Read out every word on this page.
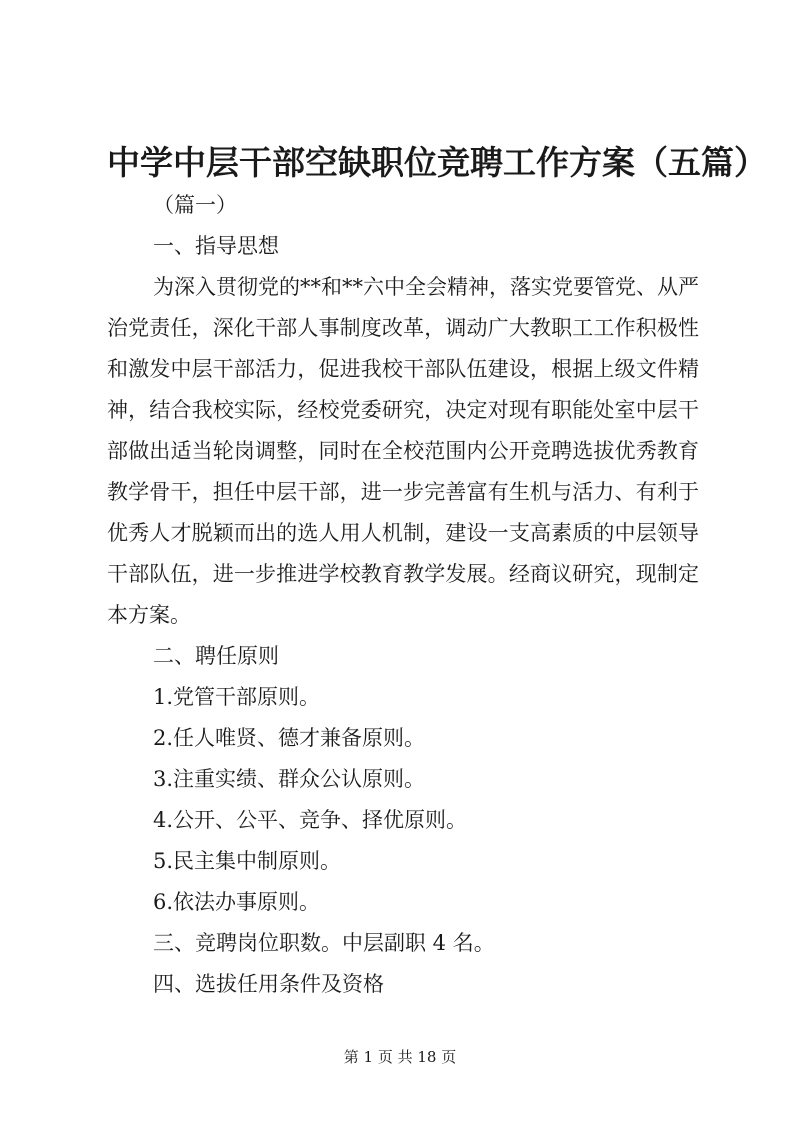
中学中层干部空缺职位竞聘工作方案（五篇）
（篇一）
一、指导思想
为深入贯彻党的**和**六中全会精神，落实党要管党、从严
治党责任，深化干部人事制度改革，调动广大教职工工作积极性
和激发中层干部活力，促进我校干部队伍建设，根据上级文件精
神，结合我校实际，经校党委研究，决定对现有职能处室中层干
部做出适当轮岗调整，同时在全校范围内公开竞聘选拔优秀教育
教学骨干，担任中层干部，进一步完善富有生机与活力、有利于
优秀人才脱颖而出的选人用人机制，建设一支高素质的中层领导
干部队伍，进一步推进学校教育教学发展。经商议研究，现制定
本方案。
二、聘任原则
1.党管干部原则。
2.任人唯贤、德才兼备原则。
3.注重实绩、群众公认原则。
4.公开、公平、竞争、择优原则。
5.民主集中制原则。
6.依法办事原则。
三、竞聘岗位职数。中层副职 4 名。
四、选拔任用条件及资格
第 1 页 共 18 页
